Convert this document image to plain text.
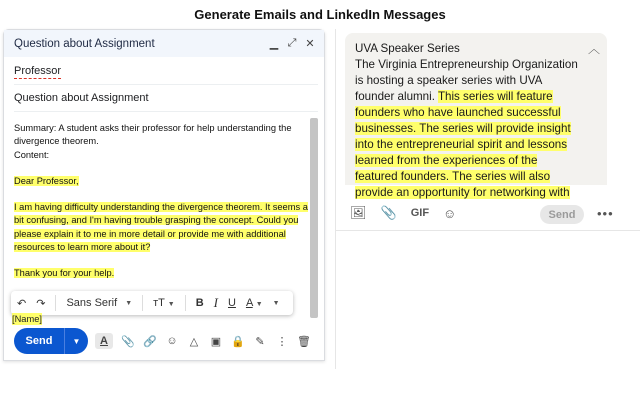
Generate Emails and LinkedIn Messages
Question about Assignment	▁ ⤢ ✕
Professor
Question about Assignment

Summary: A student asks their professor for help understanding the

divergence theorem.

Content:

Dear Professor,

I am having difficulty understanding the divergence theorem. It seems a

bit confusing, and I'm having trouble grasping the concept. Could you

please explain it to me in more detail or provide me with additional

resources to learn more about it?

Thank you for your help.

↶ ↷ Sans Serif ▼ тT ▼ B I U A ▼ ▼
[Name]
Send	▼	A	📎 🔗 ☺ △ ▣ 🔒 ✎ ⋮ 🗑
UVA Speaker Series
The Virginia Entrepreneurship Organization
is hosting a speaker series with UVA
founder alumni. This series will feature
founders who have launched successful
businesses. The series will provide insight
into the entrepreneurial spirit and lessons
learned from the experiences of the
featured founders. The series will also
provide an opportunity for networking with
︿
🖼 📎 GIF ☺	Send	•••
